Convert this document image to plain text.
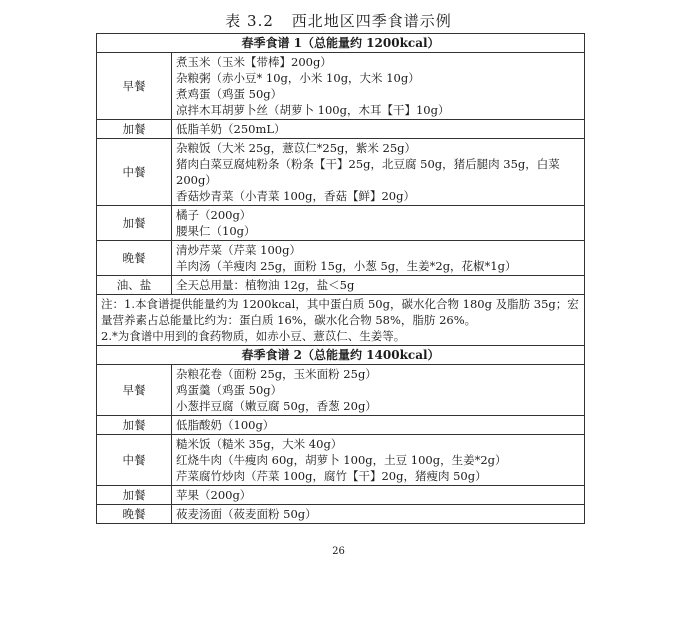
表 3.2 西北地区四季食谱示例
春季食谱 1（总能量约 1200kcal）	
早餐	煮玉米（玉米【带棒】200g）
杂粮粥（赤小豆* 10g，小米 10g，大米 10g）
煮鸡蛋（鸡蛋 50g）
凉拌木耳胡萝卜丝（胡萝卜 100g，木耳【干】10g）

加餐	低脂羊奶（250mL）

中餐	杂粮饭（大米 25g，薏苡仁*25g，紫米 25g）
猪肉白菜豆腐炖粉条（粉条【干】25g，北豆腐 50g，猪后腿肉 35g，白菜 200g）
香菇炒青菜（小青菜 100g，香菇【鲜】20g）

加餐	橘子（200g）
腰果仁（10g）

晚餐	清炒芹菜（芹菜 100g）
羊肉汤（羊瘦肉 25g，面粉 15g，小葱 5g，生姜*2g，花椒*1g）

油、盐	全天总用量：植物油 12g，盐＜5g

注：1.本食谱提供能量约为 1200kcal，其中蛋白质 50g，碳水化合物 180g 及脂肪 35g；宏量营养素占总能量比约为：蛋白质 16%，碳水化合物 58%，脂肪 26%。
2.*为食谱中用到的食药物质，如赤小豆、薏苡仁、生姜等。	

春季食谱 2（总能量约 1400kcal）	
早餐	杂粮花卷（面粉 25g，玉米面粉 25g）
鸡蛋羹（鸡蛋 50g）
小葱拌豆腐（嫩豆腐 50g，香葱 20g）

加餐	低脂酸奶（100g）

中餐	糙米饭（糙米 35g，大米 40g）
红烧牛肉（牛瘦肉 60g，胡萝卜 100g，土豆 100g，生姜*2g）
芹菜腐竹炒肉（芹菜 100g，腐竹【干】20g，猪瘦肉 50g）

加餐	苹果（200g）

晚餐	莜麦汤面（莜麦面粉 50g）
26
